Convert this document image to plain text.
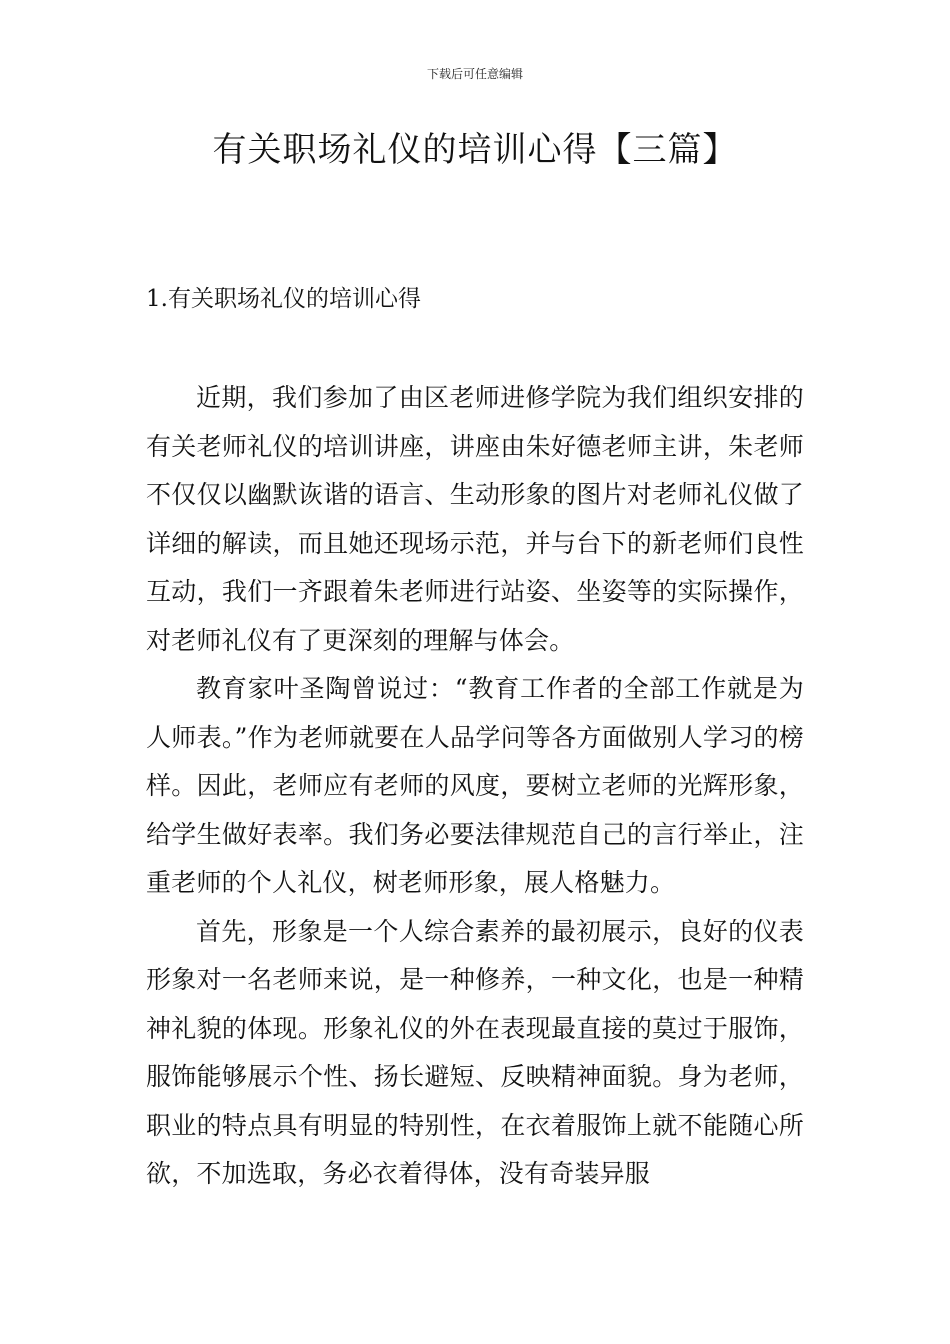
下载后可任意编辑
有关职场礼仪的培训心得【三篇】
1.有关职场礼仪的培训心得

近期，我们参加了由区老师进修学院为我们组织安排的有关老师礼仪的培训讲座，讲座由朱好德老师主讲，朱老师不仅仅以幽默诙谐的语言、生动形象的图片对老师礼仪做了详细的解读，而且她还现场示范，并与台下的新老师们良性互动，我们一齐跟着朱老师进行站姿、坐姿等的实际操作，对老师礼仪有了更深刻的理解与体会。

教育家叶圣陶曾说过：“教育工作者的全部工作就是为人师表。”作为老师就要在人品学问等各方面做别人学习的榜样。因此，老师应有老师的风度，要树立老师的光辉形象，给学生做好表率。我们务必要法律规范自己的言行举止，注重老师的个人礼仪，树老师形象，展人格魅力。

首先，形象是一个人综合素养的最初展示，良好的仪表形象对一名老师来说，是一种修养，一种文化，也是一种精神礼貌的体现。形象礼仪的外在表现最直接的莫过于服饰，服饰能够展示个性、扬长避短、反映精神面貌。身为老师，职业的特点具有明显的特别性，在衣着服饰上就不能随心所欲，不加选取，务必衣着得体，没有奇装异服
